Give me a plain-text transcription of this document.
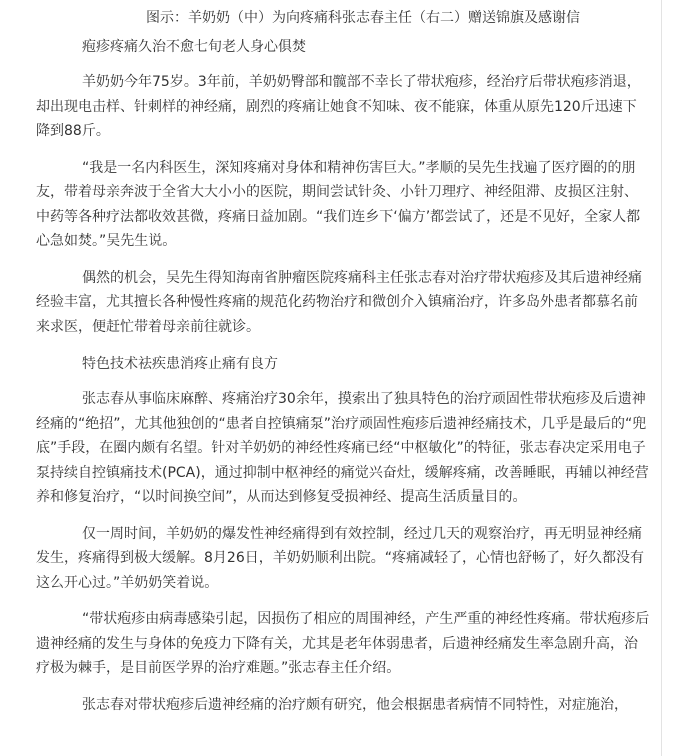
图示：羊奶奶（中）为向疼痛科张志春主任（右二）赠送锦旗及感谢信

疱疹疼痛久治不愈七旬老人身心俱焚

羊奶奶今年75岁。3年前，羊奶奶臀部和髋部不幸长了带状疱疹，经治疗后带状疱疹消退，却出现电击样、针刺样的神经痛，剧烈的疼痛让她食不知味、夜不能寐，体重从原先120斤迅速下降到88斤。

“我是一名内科医生，深知疼痛对身体和精神伤害巨大。”孝顺的吴先生找遍了医疗圈的的朋友，带着母亲奔波于全省大大小小的医院，期间尝试针灸、小针刀理疗、神经阻滞、皮损区注射、中药等各种疗法都收效甚微，疼痛日益加剧。“我们连乡下‘偏方’都尝试了，还是不见好，全家人都心急如焚。”吴先生说。

偶然的机会，吴先生得知海南省肿瘤医院疼痛科主任张志春对治疗带状疱疹及其后遗神经痛经验丰富，尤其擅长各种慢性疼痛的规范化药物治疗和微创介入镇痛治疗，许多岛外患者都慕名前来求医，便赶忙带着母亲前往就诊。

特色技术祛疾患消疼止痛有良方

张志春从事临床麻醉、疼痛治疗30余年，摸索出了独具特色的治疗顽固性带状疱疹及后遗神经痛的“绝招”，尤其他独创的“患者自控镇痛泵”治疗顽固性疱疹后遗神经痛技术，几乎是最后的“兜底”手段，在圈内颇有名望。针对羊奶奶的神经性疼痛已经“中枢敏化”的特征，张志春决定采用电子泵持续自控镇痛技术(PCA)，通过抑制中枢神经的痛觉兴奋灶，缓解疼痛，改善睡眠，再辅以神经营养和修复治疗，“以时间换空间”，从而达到修复受损神经、提高生活质量目的。

仅一周时间，羊奶奶的爆发性神经痛得到有效控制，经过几天的观察治疗，再无明显神经痛发生，疼痛得到极大缓解。8月26日，羊奶奶顺利出院。“疼痛减轻了，心情也舒畅了，好久都没有这么开心过。”羊奶奶笑着说。

“带状疱疹由病毒感染引起，因损伤了相应的周围神经，产生严重的神经性疼痛。带状疱疹后遗神经痛的发生与身体的免疫力下降有关，尤其是老年体弱患者，后遗神经痛发生率急剧升高，治疗极为棘手，是目前医学界的治疗难题。”张志春主任介绍。

张志春对带状疱疹后遗神经痛的治疗颇有研究，他会根据患者病情不同特性，对症施治，
